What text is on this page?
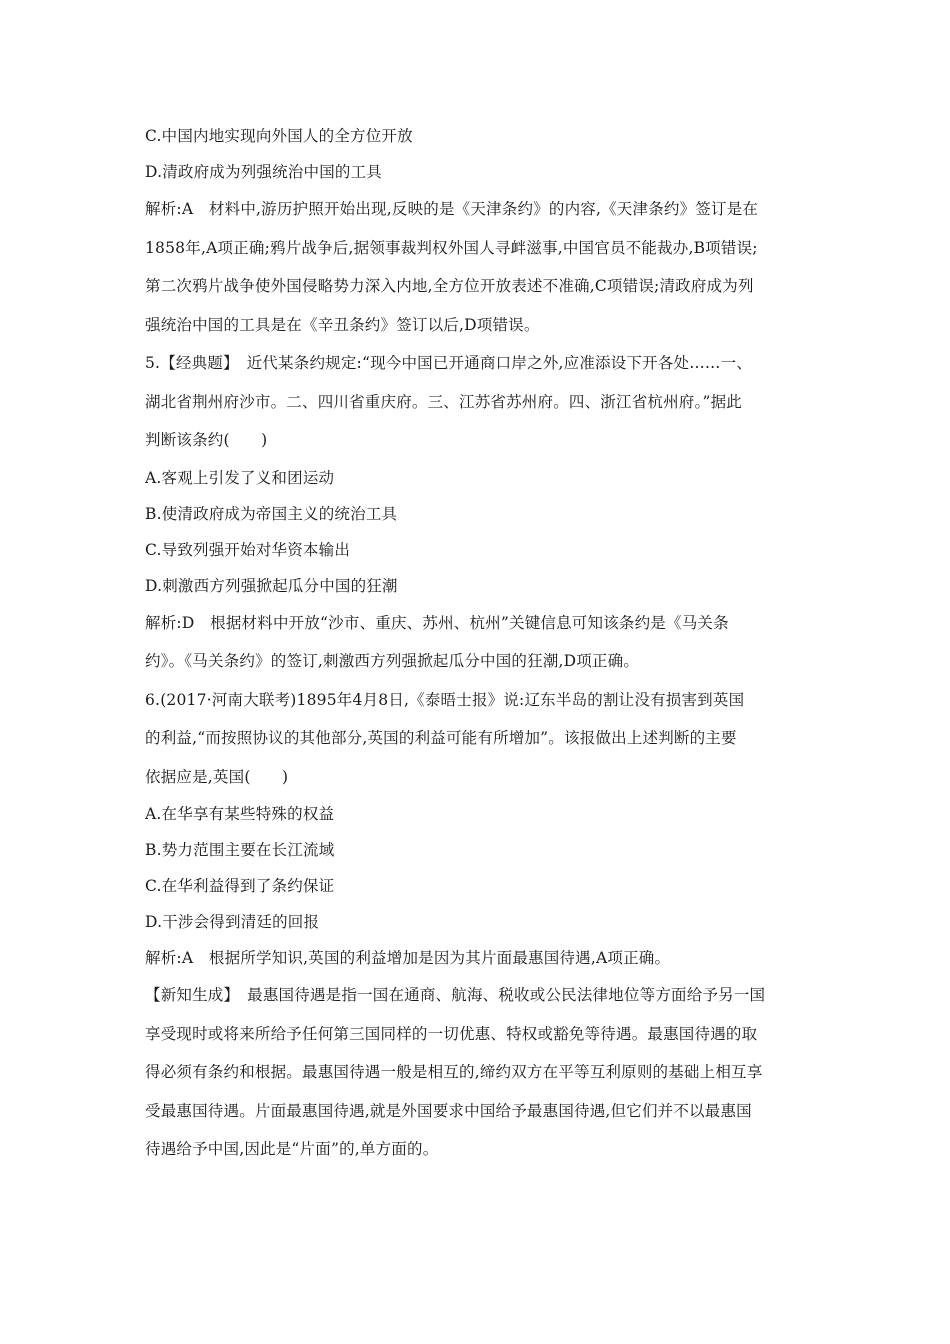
C.中国内地实现向外国人的全方位开放
D.清政府成为列强统治中国的工具
解析:A　材料中,游历护照开始出现,反映的是《天津条约》的内容,《天津条约》签订是在
1858年,A项正确;鸦片战争后,据领事裁判权外国人寻衅滋事,中国官员不能裁办,B项错误;
第二次鸦片战争使外国侵略势力深入内地,全方位开放表述不准确,C项错误;清政府成为列
强统治中国的工具是在《辛丑条约》签订以后,D项错误。
5.【经典题】　近代某条约规定:“现今中国已开通商口岸之外,应准添设下开各处……一、
湖北省荆州府沙市。二、四川省重庆府。三、江苏省苏州府。四、浙江省杭州府。”据此
判断该条约(　　)
A.客观上引发了义和团运动
B.使清政府成为帝国主义的统治工具
C.导致列强开始对华资本输出
D.刺激西方列强掀起瓜分中国的狂潮
解析:D　根据材料中开放“沙市、重庆、苏州、杭州”关键信息可知该条约是《马关条
约》。《马关条约》的签订,刺激西方列强掀起瓜分中国的狂潮,D项正确。
6.(2017·河南大联考)1895年4月8日,《泰晤士报》说:辽东半岛的割让没有损害到英国
的利益,“而按照协议的其他部分,英国的利益可能有所增加”。该报做出上述判断的主要
依据应是,英国(　　)
A.在华享有某些特殊的权益
B.势力范围主要在长江流域
C.在华利益得到了条约保证
D.干涉会得到清廷的回报
解析:A　根据所学知识,英国的利益增加是因为其片面最惠国待遇,A项正确。
【新知生成】　最惠国待遇是指一国在通商、航海、税收或公民法律地位等方面给予另一国
享受现时或将来所给予任何第三国同样的一切优惠、特权或豁免等待遇。最惠国待遇的取
得必须有条约和根据。最惠国待遇一般是相互的,缔约双方在平等互利原则的基础上相互享
受最惠国待遇。片面最惠国待遇,就是外国要求中国给予最惠国待遇,但它们并不以最惠国
待遇给予中国,因此是“片面”的,单方面的。
